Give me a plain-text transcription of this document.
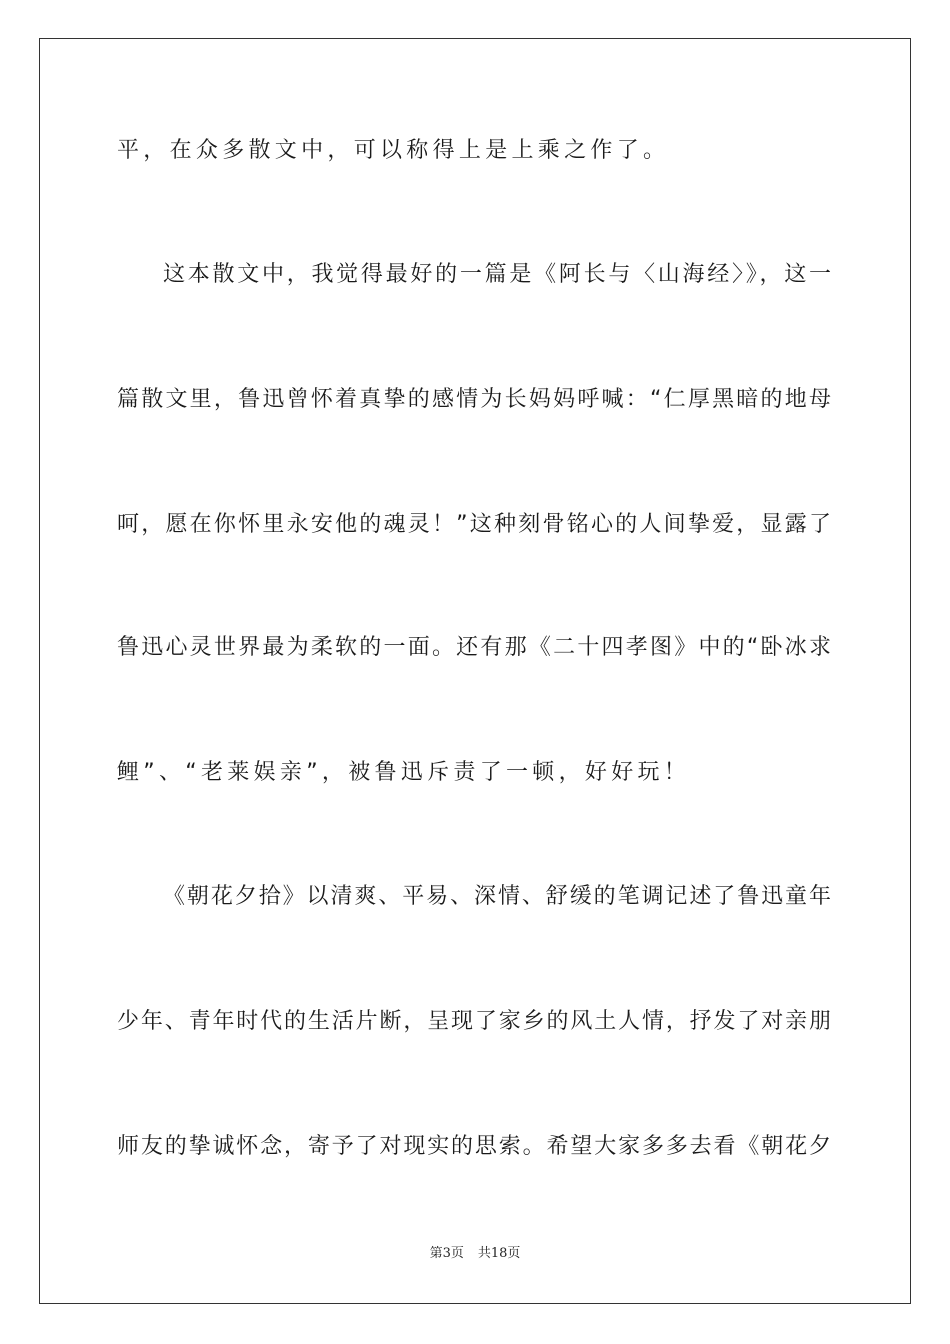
平，在众多散文中，可以称得上是上乘之作了。
这本散文中，我觉得最好的一篇是《阿长与〈山海经〉》，这一
篇散文里，鲁迅曾怀着真挚的感情为长妈妈呼喊：“仁厚黑暗的地母
呵，愿在你怀里永安他的魂灵！”这种刻骨铭心的人间挚爱，显露了
鲁迅心灵世界最为柔软的一面。还有那《二十四孝图》中的“卧冰求
鲤”、“老莱娱亲”，被鲁迅斥责了一顿，好好玩！
《朝花夕拾》以清爽、平易、深情、舒缓的笔调记述了鲁迅童年
少年、青年时代的生活片断，呈现了家乡的风土人情，抒发了对亲朋
师友的挚诚怀念，寄予了对现实的思索。希望大家多多去看《朝花夕
第3页 共18页
